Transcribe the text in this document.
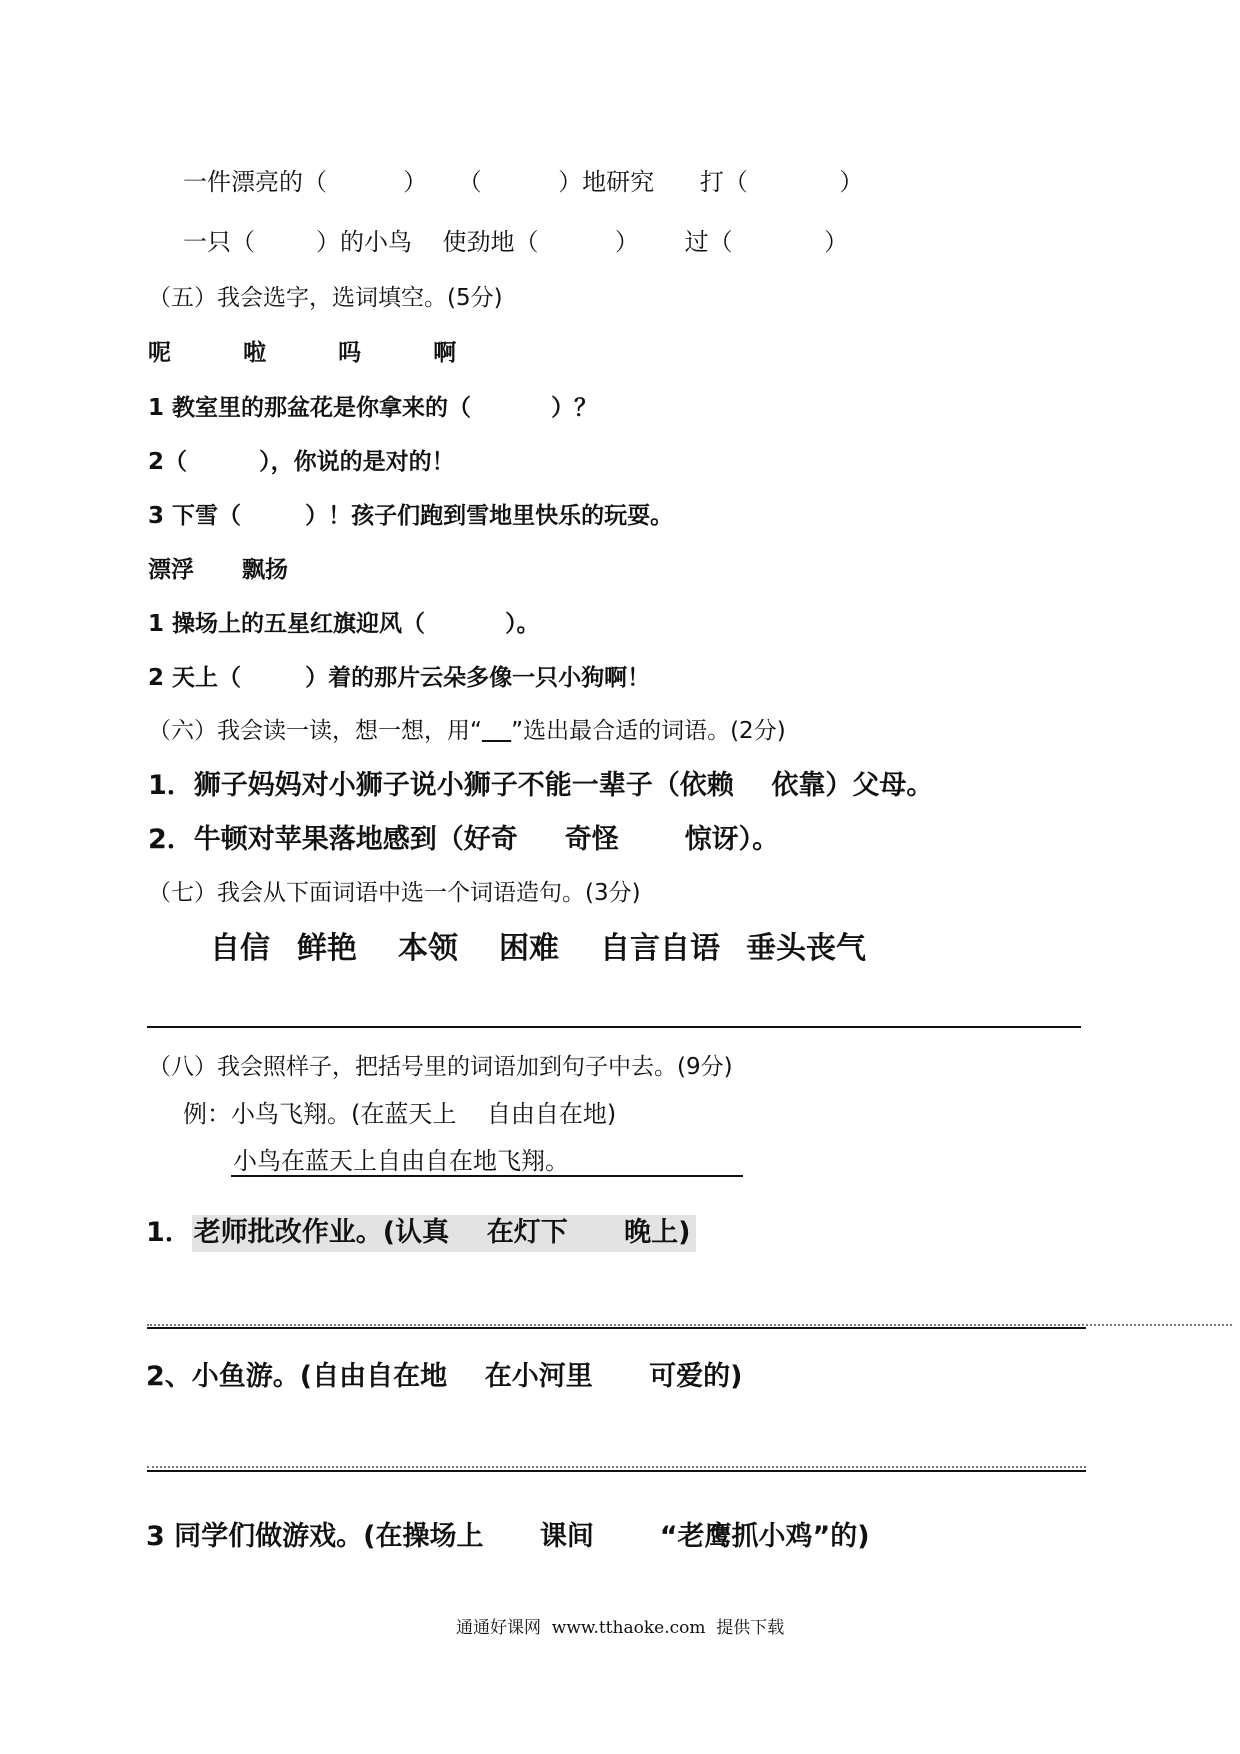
一件漂亮的（          ）    （          ）地研究      打（            ）
一只（        ）的小鸟    使劲地（          ）      过（            ）
（五）我会选字，选词填空。(5分)
呢         啦         吗         啊
1 教室里的那盆花是你拿来的（          ）？
2（         ），你说的是对的！
3 下雪（        ）！孩子们跑到雪地里快乐的玩耍。
漂浮      飘扬
1 操场上的五星红旗迎风（          ）。
2 天上（        ）着的那片云朵多像一只小狗啊！
（六）我会读一读，想一想，用“ ”选出最合适的词语。(2分)
1．狮子妈妈对小狮子说小狮子不能一辈子（依赖    依靠）父母。
2．牛顿对苹果落地感到（好奇     奇怪       惊讶）。
（七）我会从下面词语中选一个词语造句。(3分)
自信 鲜艳 本领 困难 自言自语 垂头丧气
（八）我会照样子，把括号里的词语加到句子中去。(9分)
例：小鸟飞翔。(在蓝天上    自由自在地)
小鸟在蓝天上自由自在地飞翔。
1．老师批改作业。(认真    在灯下      晚上)
2、小鱼游。(自由自在地    在小河里      可爱的)
3 同学们做游戏。(在操场上      课间       “老鹰抓小鸡”的)
通通好课网  www.tthaoke.com  提供下载
